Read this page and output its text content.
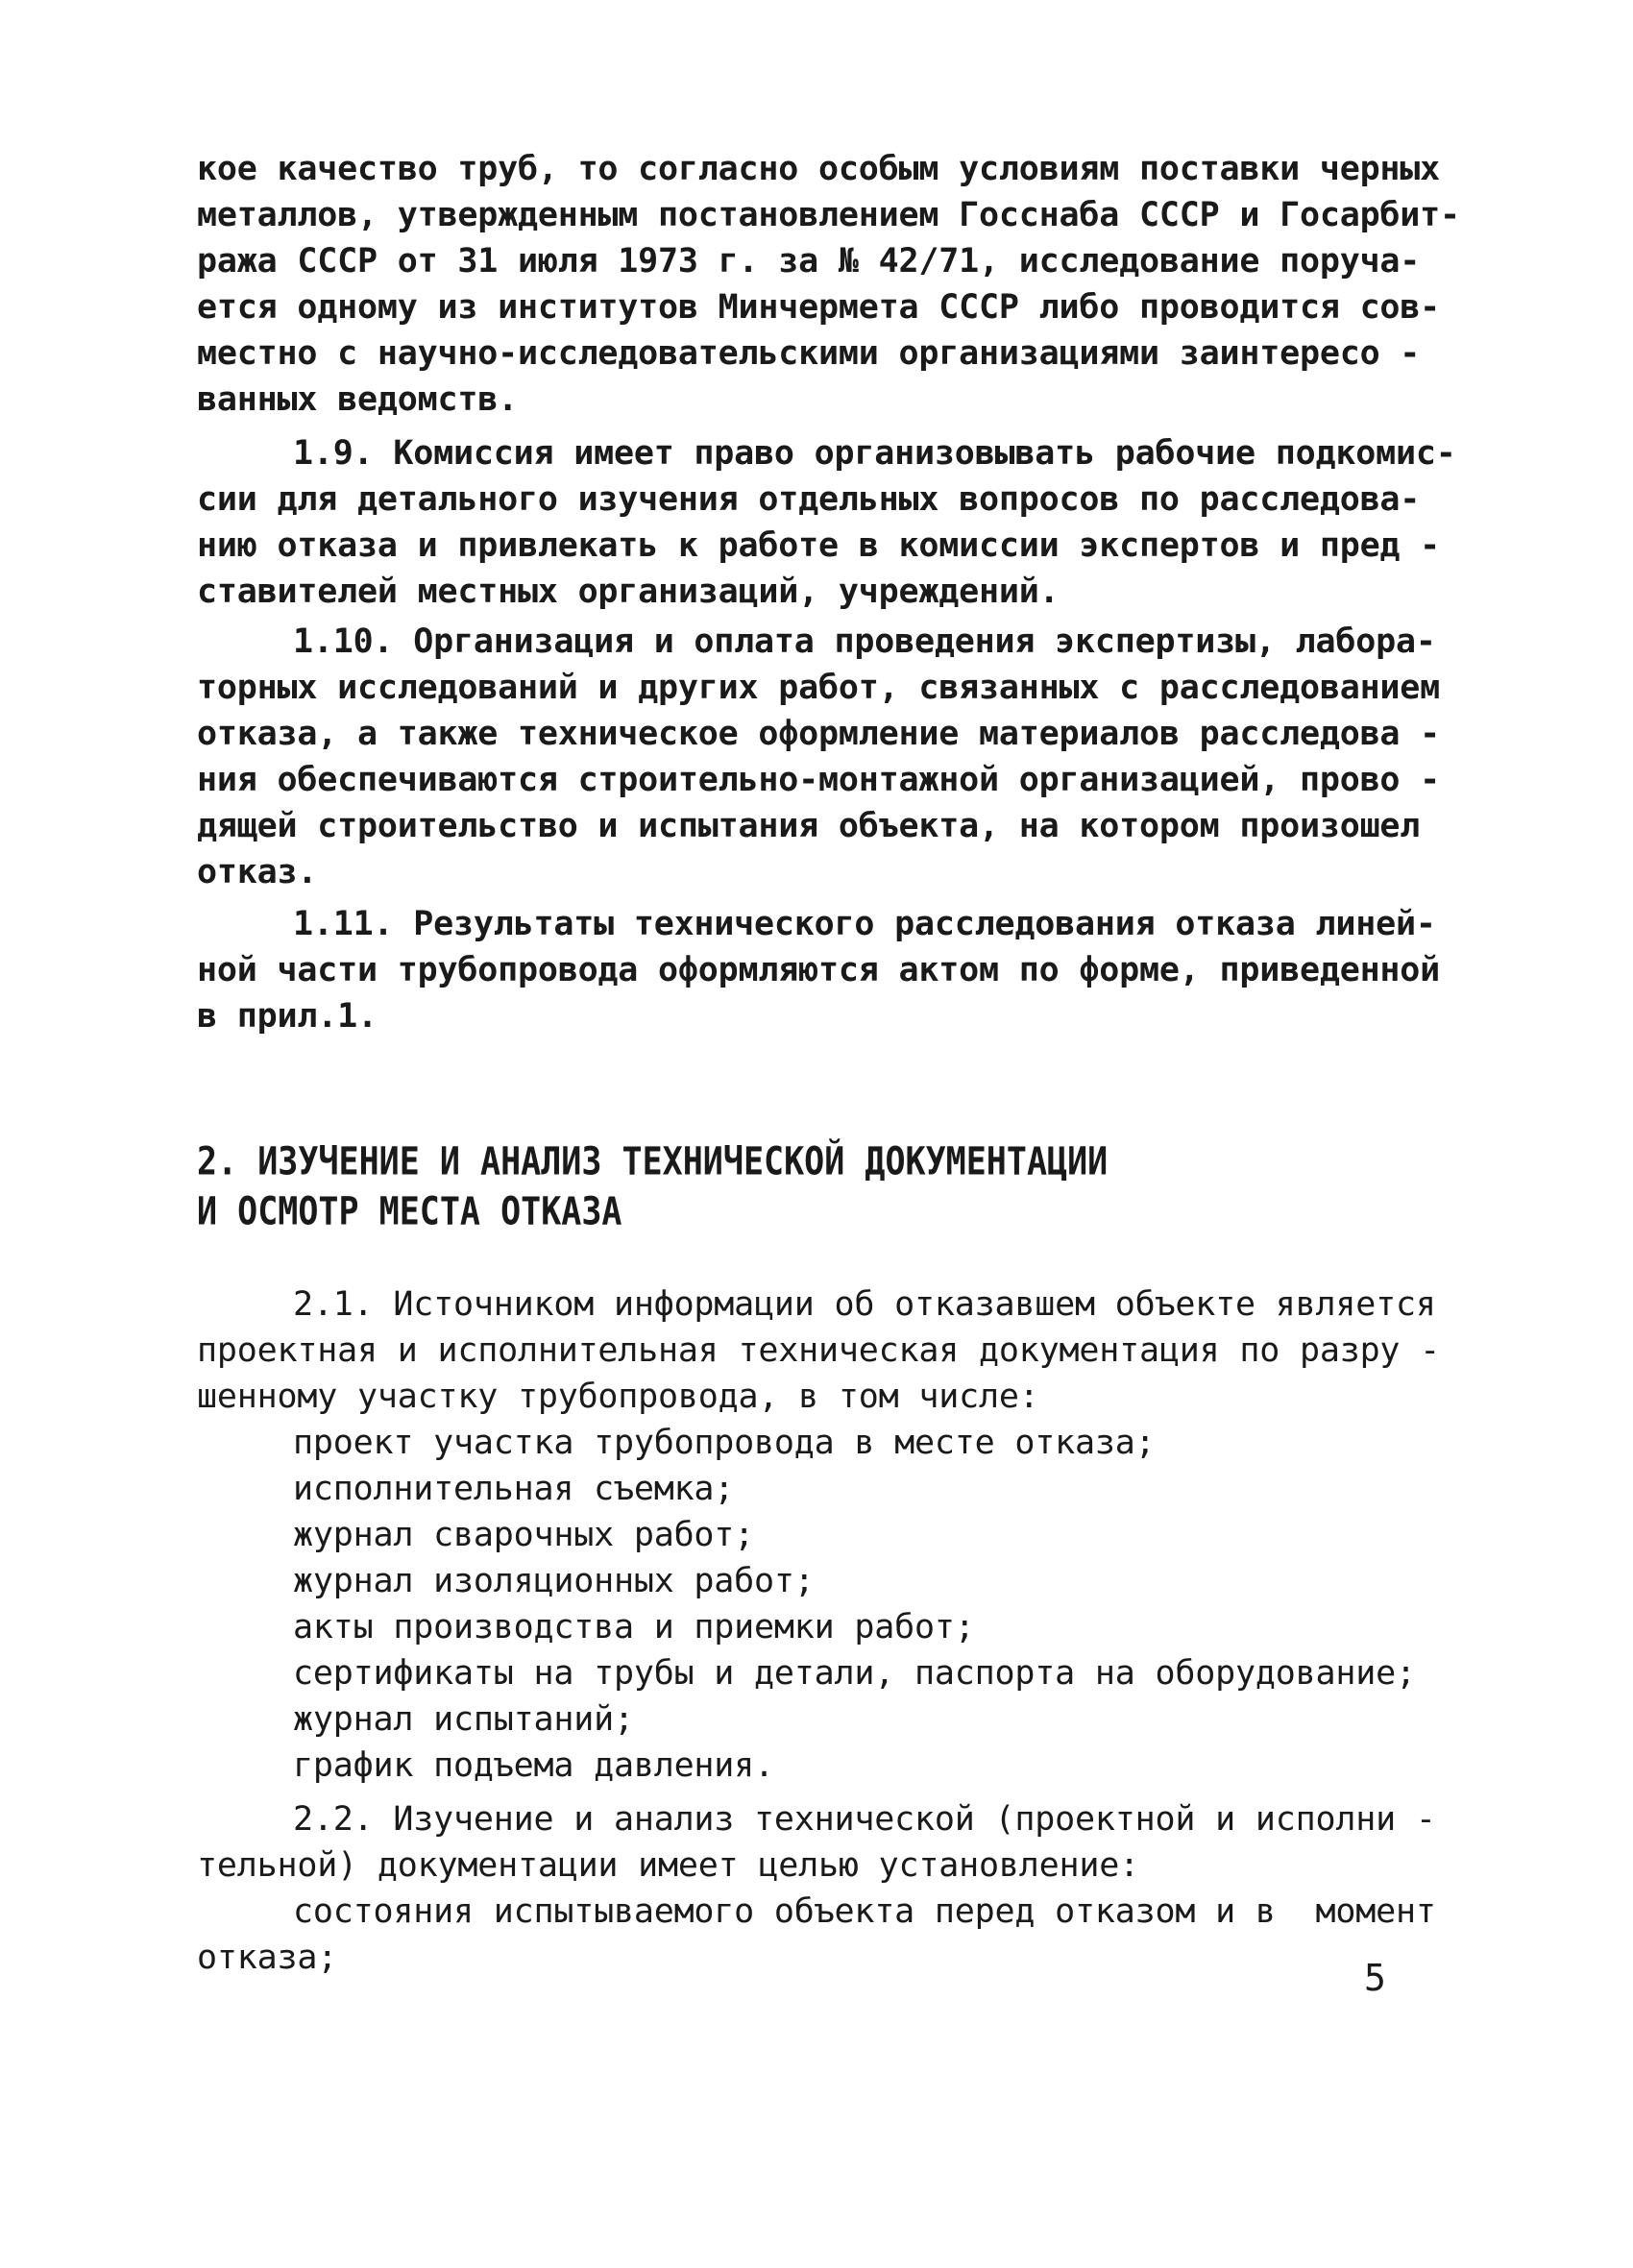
кое качество труб, то согласно особым условиям поставки черных
металлов, утвержденным постановлением Госснаба СССР и Госарбит-
ража СССР от 31 июля 1973 г. за № 42/71, исследование поруча-
ется одному из институтов Минчермета СССР либо проводится сов-
местно с научно-исследовательскими организациями заинтересо -
ванных ведомств.
1.9. Комиссия имеет право организовывать рабочие подкомис-
сии для детального изучения отдельных вопросов по расследова-
нию отказа и привлекать к работе в комиссии экспертов и пред -
ставителей местных организаций, учреждений.
1.10. Организация и оплата проведения экспертизы, лабора-
торных исследований и других работ, связанных с расследованием
отказа, а также техническое оформление материалов расследова -
ния обеспечиваются строительно-монтажной организацией, прово -
дящей строительство и испытания объекта, на котором произошел
отказ.
1.11. Результаты технического расследования отказа линей-
ной части трубопровода оформляются актом по форме, приведенной
в прил.1.
2. ИЗУЧЕНИЕ И АНАЛИЗ ТЕХНИЧЕСКОЙ ДОКУМЕНТАЦИИ
И ОСМОТР МЕСТА ОТКАЗА
2.1. Источником информации об отказавшем объекте является
проектная и исполнительная техническая документация по разру -
шенному участку трубопровода, в том числе:
проект участка трубопровода в месте отказа;
исполнительная съемка;
журнал сварочных работ;
журнал изоляционных работ;
акты производства и приемки работ;
сертификаты на трубы и детали, паспорта на оборудование;
журнал испытаний;
график подъема давления.
2.2. Изучение и анализ технической (проектной и исполни -
тельной) документации имеет целью установление:
состояния испытываемого объекта перед отказом и в  момент
отказа;	5
